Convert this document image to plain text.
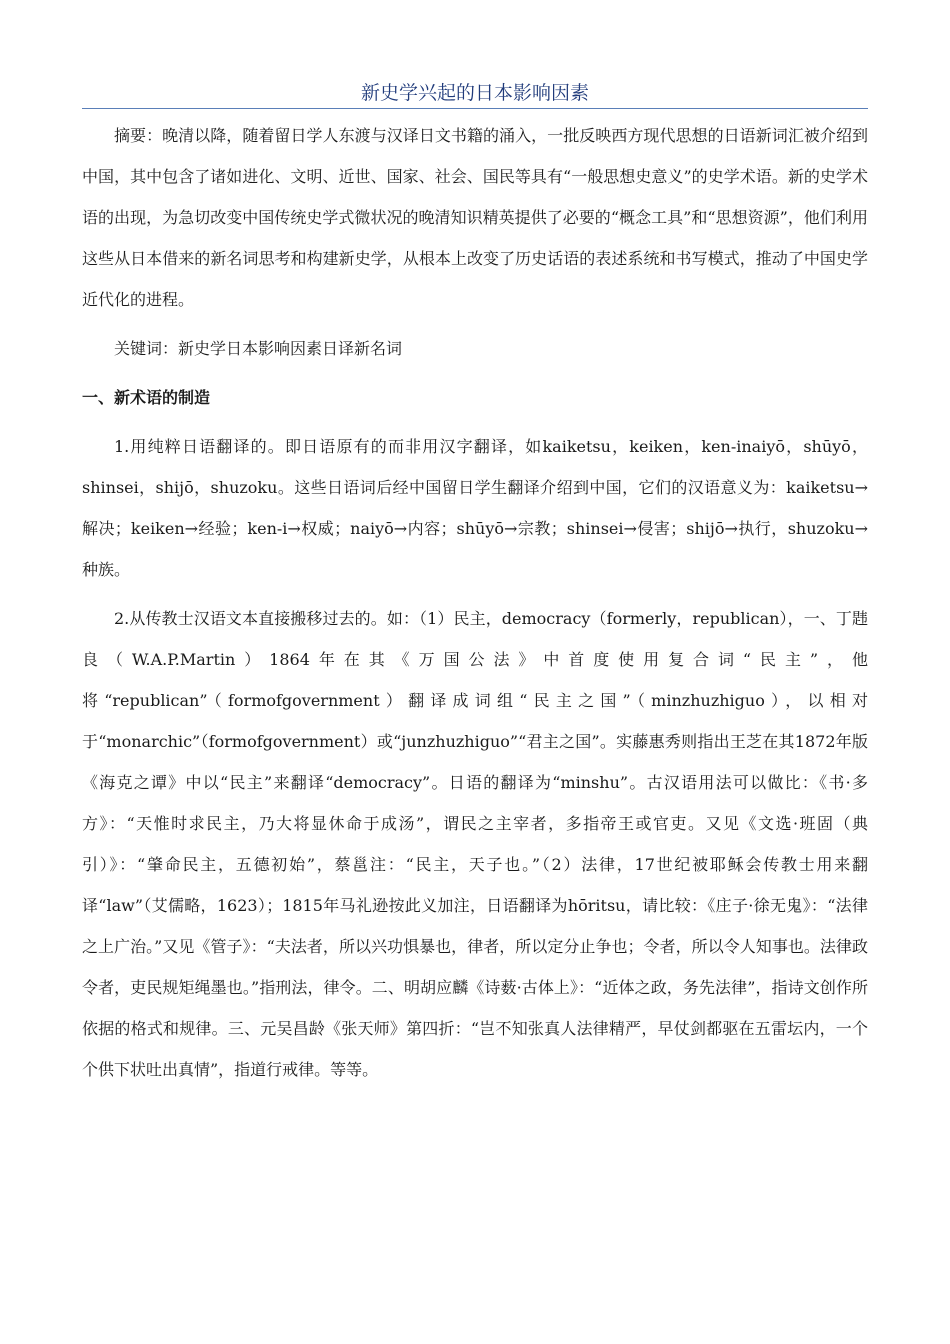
新史学兴起的日本影响因素

摘要：晚清以降，随着留日学人东渡与汉译日文书籍的涌入，一批反映西方现代思想的日语新词汇被介绍到中国，其中包含了诸如进化、文明、近世、国家、社会、国民等具有“一般思想史意义”的史学术语。新的史学术语的出现，为急切改变中国传统史学式微状况的晚清知识精英提供了必要的“概念工具”和“思想资源”，他们利用这些从日本借来的新名词思考和构建新史学，从根本上改变了历史话语的表述系统和书写模式，推动了中国史学近代化的进程。

关键词：新史学日本影响因素日译新名词

一、新术语的制造

1.用纯粹日语翻译的。即日语原有的而非用汉字翻译，如kaiketsu，keiken，ken-inaiyō，shūyō，shinsei，shijō，shuzoku。这些日语词后经中国留日学生翻译介绍到中国，它们的汉语意义为：kaiketsu→解决；keiken→经验；ken-i→权威；naiyō→内容；shūyō→宗教；shinsei→侵害；shijō→执行，shuzoku→种族。

2.从传教士汉语文本直接搬移过去的。如：（1）民主，democracy（formerly，republican），一、丁韪良（W.A.P.Martin）1864年在其《万国公法》中首度使用复合词“民主”，他将“republican”（formofgovernment）翻译成词组“民主之国”（minzhuzhiguo），以相对于“monarchic”（formofgovernment）或“junzhuzhiguo”“君主之国”。实藤惠秀则指出王芝在其1872年版《海克之谭》中以“民主”来翻译“democracy”。日语的翻译为“minshu”。古汉语用法可以做比：《书·多方》：“天惟时求民主，乃大将显休命于成汤”，谓民之主宰者，多指帝王或官吏。又见《文选·班固（典引）》：“肇命民主，五德初始”，蔡邕注：“民主，天子也。”（2）法律，17世纪被耶稣会传教士用来翻译“law”（艾儒略，1623）；1815年马礼逊按此义加注，日语翻译为hōritsu，请比较：《庄子·徐无鬼》：“法律之上广治。”又见《管子》：“夫法者，所以兴功惧暴也，律者，所以定分止争也；令者，所以令人知事也。法律政令者，吏民规矩绳墨也。”指刑法，律令。二、明胡应麟《诗薮·古体上》：“近体之政，务先法律”，指诗文创作所依据的格式和规律。三、元吴昌龄《张天师》第四折：“岂不知张真人法律精严，早仗剑都驱在五雷坛内，一个个供下状吐出真情”，指道行戒律。等等。
